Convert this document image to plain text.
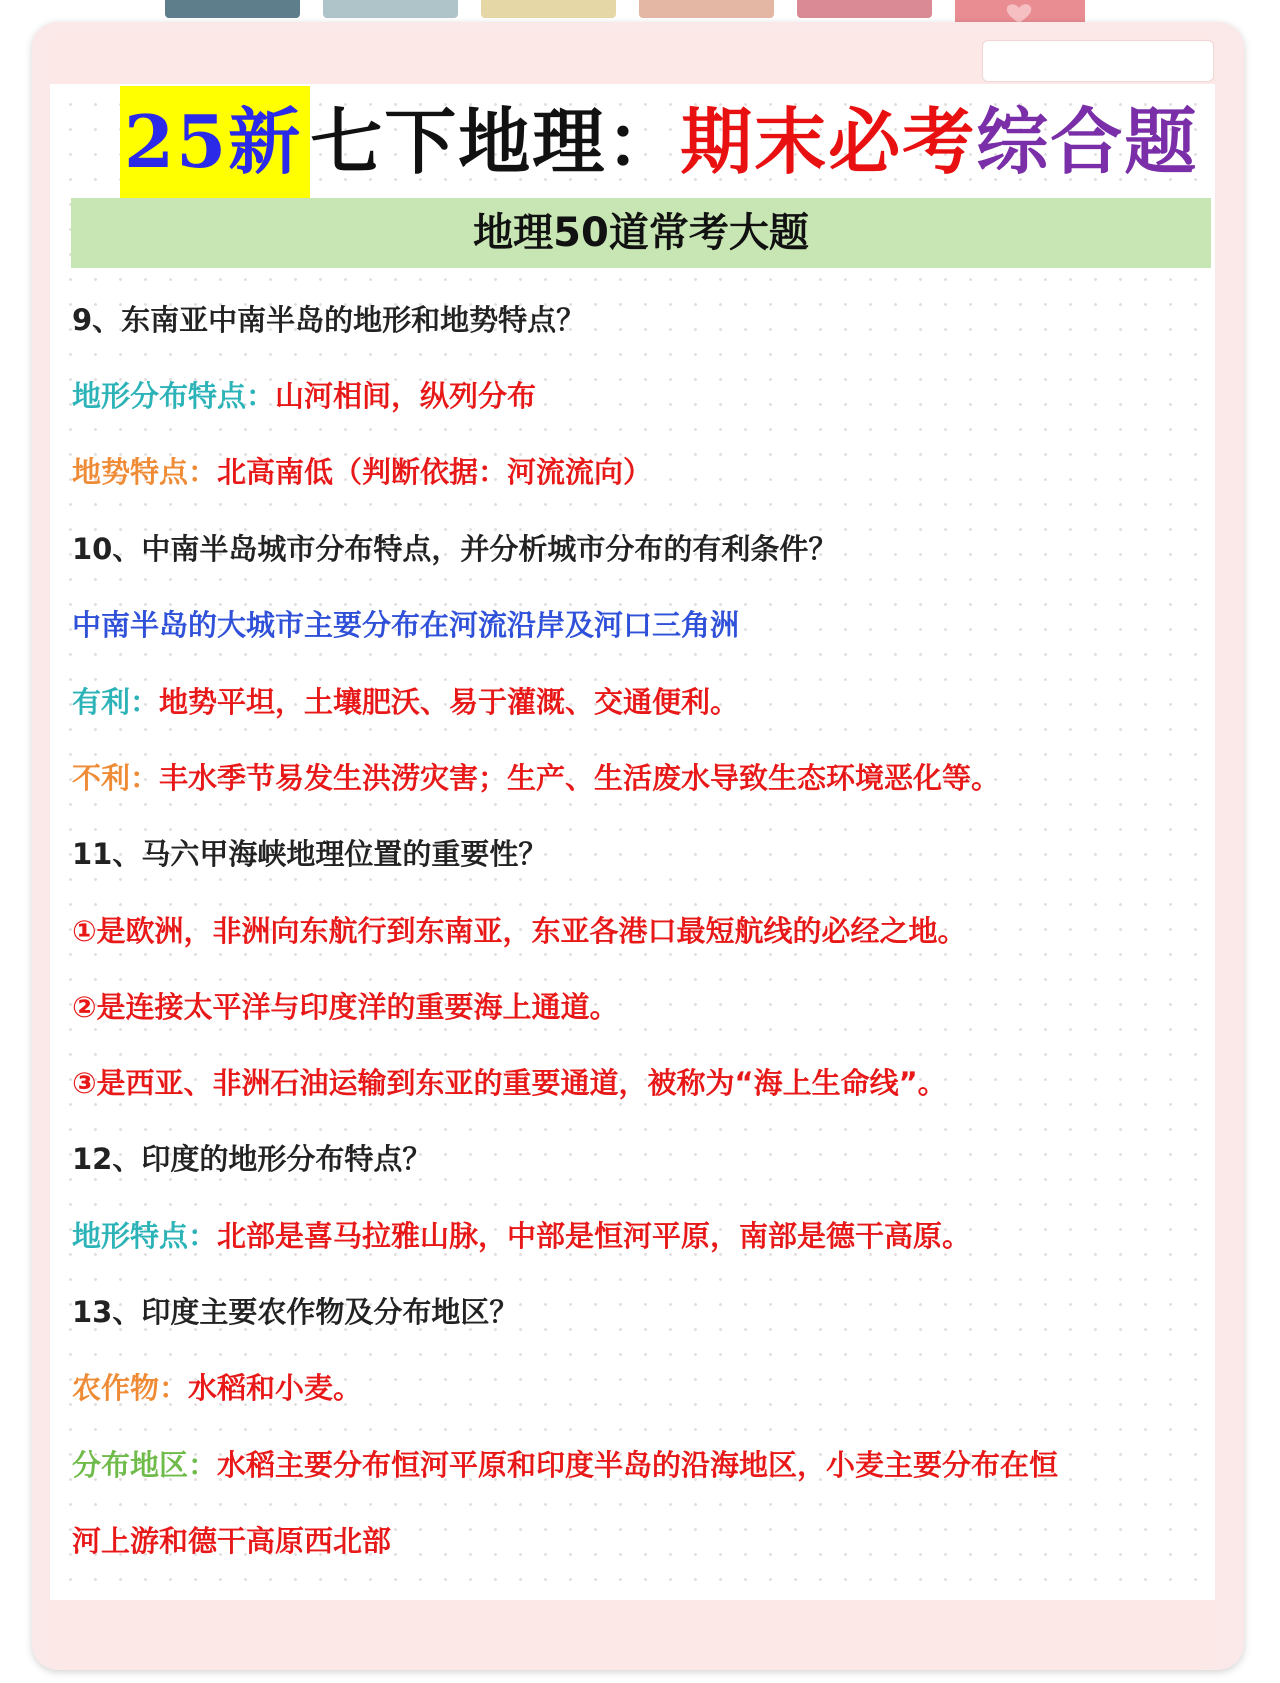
25新 七下地理：期末必考综合题
地理50道常考大题
9、东南亚中南半岛的地形和地势特点？
地形分布特点：山河相间，纵列分布
地势特点：北高南低（判断依据：河流流向）
10、中南半岛城市分布特点，并分析城市分布的有利条件？
中南半岛的大城市主要分布在河流沿岸及河口三角洲
有利：地势平坦，土壤肥沃、易于灌溉、交通便利。
不利：丰水季节易发生洪涝灾害；生产、生活废水导致生态环境恶化等。
11、马六甲海峡地理位置的重要性？
①是欧洲，非洲向东航行到东南亚，东亚各港口最短航线的必经之地。
②是连接太平洋与印度洋的重要海上通道。
③是西亚、非洲石油运输到东亚的重要通道，被称为“海上生命线”。
12、印度的地形分布特点？
地形特点：北部是喜马拉雅山脉，中部是恒河平原，南部是德干高原。
13、印度主要农作物及分布地区？
农作物：水稻和小麦。
分布地区：水稻主要分布恒河平原和印度半岛的沿海地区，小麦主要分布在恒
河上游和德干高原西北部
